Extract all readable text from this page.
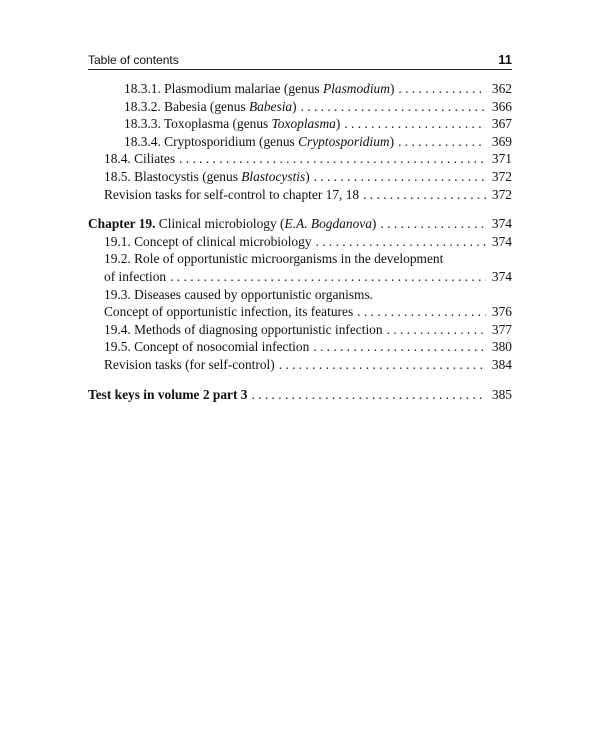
Table of contents	11
18.3.1. Plasmodium malariae (genus Plasmodium) . . .	362
18.3.2. Babesia (genus Babesia) . . .	366
18.3.3. Toxoplasma (genus Toxoplasma) . . .	367
18.3.4. Cryptosporidium (genus Cryptosporidium) . . .	369
18.4. Ciliates . . .	371
18.5. Blastocystis (genus Blastocystis) . . .	372
Revision tasks for self-control to chapter 17, 18 . . .	372
Chapter 19. Clinical microbiology (E.A. Bogdanova) . . .	374
19.1. Concept of clinical microbiology . . .	374
19.2. Role of opportunistic microorganisms in the development
of infection . . .	374
19.3. Diseases caused by opportunistic organisms.
Concept of opportunistic infection, its features . . .	376
19.4. Methods of diagnosing opportunistic infection . . .	377
19.5. Concept of nosocomial infection . . .	380
Revision tasks (for self-control) . . .	384
Test keys in volume 2 part 3 . . .	385
